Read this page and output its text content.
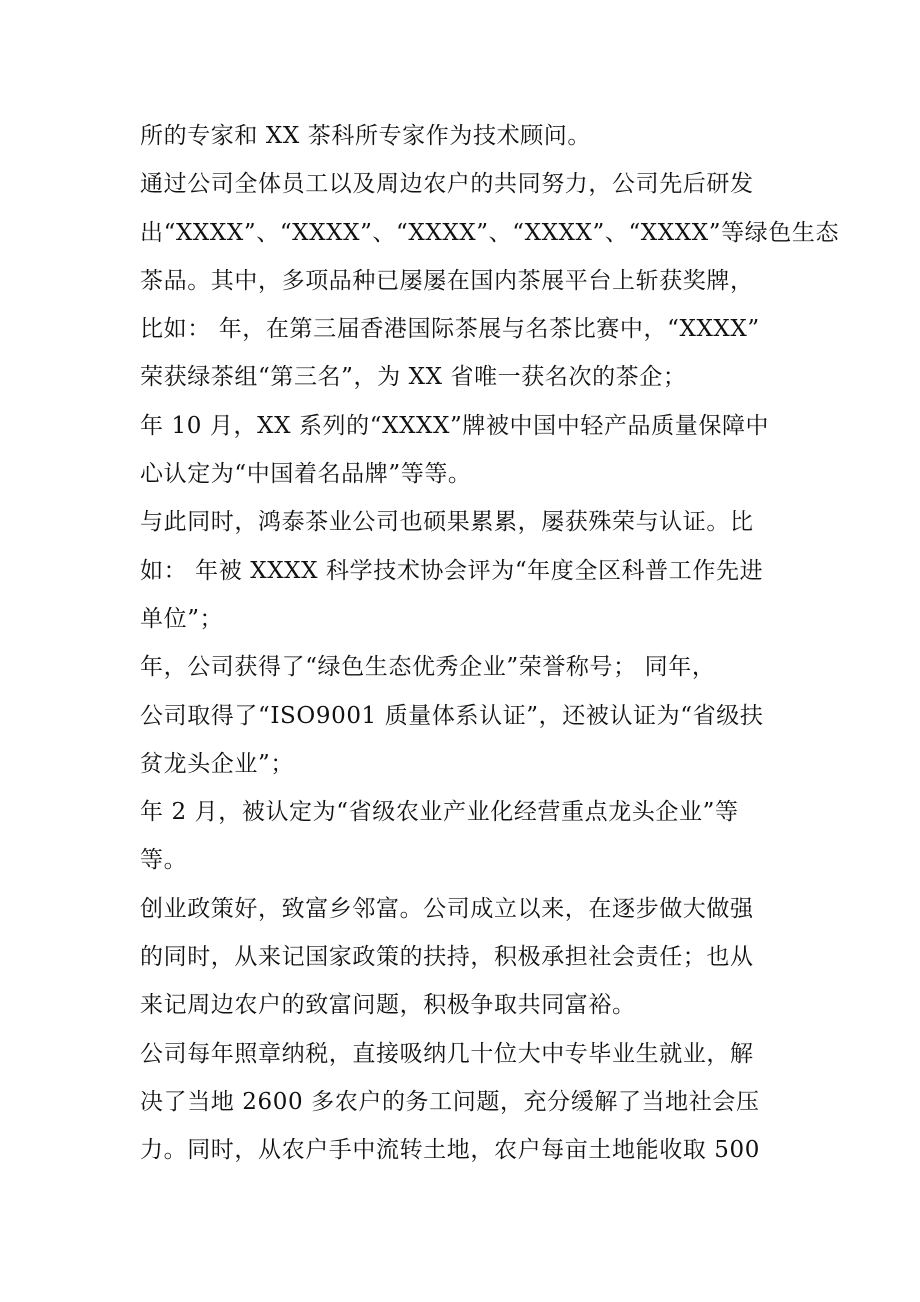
所的专家和 XX 茶科所专家作为技术顾问。
通过公司全体员工以及周边农户的共同努力，公司先后研发
出“XXXX”、“XXXX”、“XXXX”、“XXXX”、“XXXX”等绿色生态
茶品。其中，多项品种已屡屡在国内茶展平台上斩获奖牌，
比如： 年，在第三届香港国际茶展与名茶比赛中，“XXXX”
荣获绿茶组“第三名”，为 XX 省唯一获名次的茶企；
年 10 月，XX 系列的“XXXX”牌被中国中轻产品质量保障中
心认定为“中国着名品牌”等等。
与此同时，鸿泰茶业公司也硕果累累，屡获殊荣与认证。比
如： 年被 XXXX 科学技术协会评为“年度全区科普工作先进
单位”；
年，公司获得了“绿色生态优秀企业”荣誉称号； 同年，
公司取得了“ISO9001 质量体系认证”，还被认证为“省级扶
贫龙头企业”；
年 2 月，被认定为“省级农业产业化经营重点龙头企业”等
等。
创业政策好，致富乡邻富。公司成立以来，在逐步做大做强
的同时，从来记国家政策的扶持，积极承担社会责任；也从
来记周边农户的致富问题，积极争取共同富裕。
公司每年照章纳税，直接吸纳几十位大中专毕业生就业，解
决了当地 2600 多农户的务工问题，充分缓解了当地社会压
力。同时，从农户手中流转土地，农户每亩土地能收取 500
